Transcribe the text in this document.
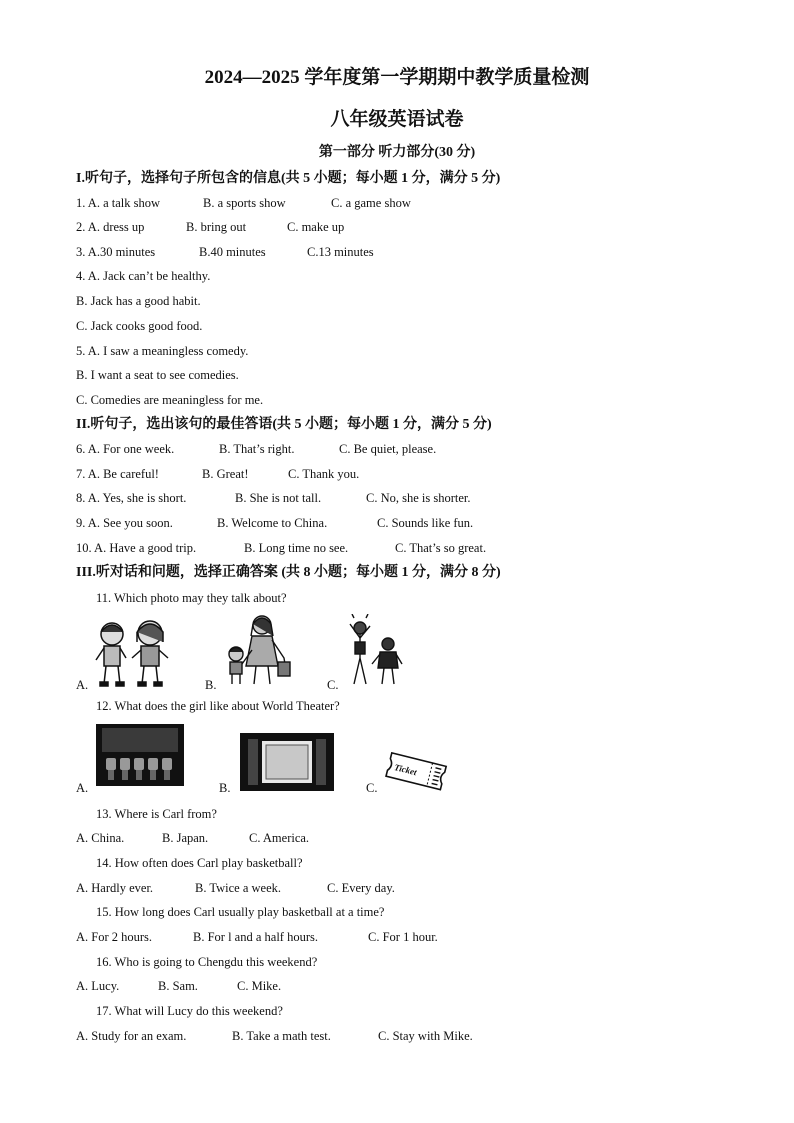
2024—2025 学年度第一学期期中教学质量检测
八年级英语试卷
第一部分 听力部分(30 分)
I.听句子，选择句子所包含的信息(共 5 小题；每小题 1 分，满分 5 分)
1. A. a talk show	B. a sports show	C. a game show
2. A. dress up	B. bring out	C. make up
3. A.30 minutes	B.40 minutes	C.13 minutes
4. A. Jack can’t be healthy.
B. Jack has a good habit.
C. Jack cooks good food.
5. A. I saw a meaningless comedy.
B. I want a seat to see comedies.
C. Comedies are meaningless for me.
II.听句子，选出该句的最佳答语(共 5 小题；每小题 1 分，满分 5 分)
6. A. For one week.	B. That’s right.	C. Be quiet, please.
7. A. Be careful!	B. Great!	C. Thank you.
8. A. Yes, she is short.	B. She is not tall.	C. No, she is shorter.
9. A. See you soon.	B. Welcome to China.	C. Sounds like fun.
10. A. Have a good trip.	B. Long time no see.	C. That’s so great.
III.听对话和问题，选择正确答案 (共 8 小题；每小题 1 分，满分 8 分)
11. Which photo may they talk about?
A.	B.	C.
12. What does the girl like about World Theater?
A.	B.	C.
Ticket
13. Where is Carl from?
A. China.	B. Japan.	C. America.
14. How often does Carl play basketball?
A. Hardly ever.	B. Twice a week.	C. Every day.
15. How long does Carl usually play basketball at a time?
A. For 2 hours.	B. For l and a half hours.	C. For 1 hour.
16. Who is going to Chengdu this weekend?
A. Lucy.	B. Sam.	C. Mike.
17. What will Lucy do this weekend?
A. Study for an exam.	B. Take a math test.	C. Stay with Mike.
